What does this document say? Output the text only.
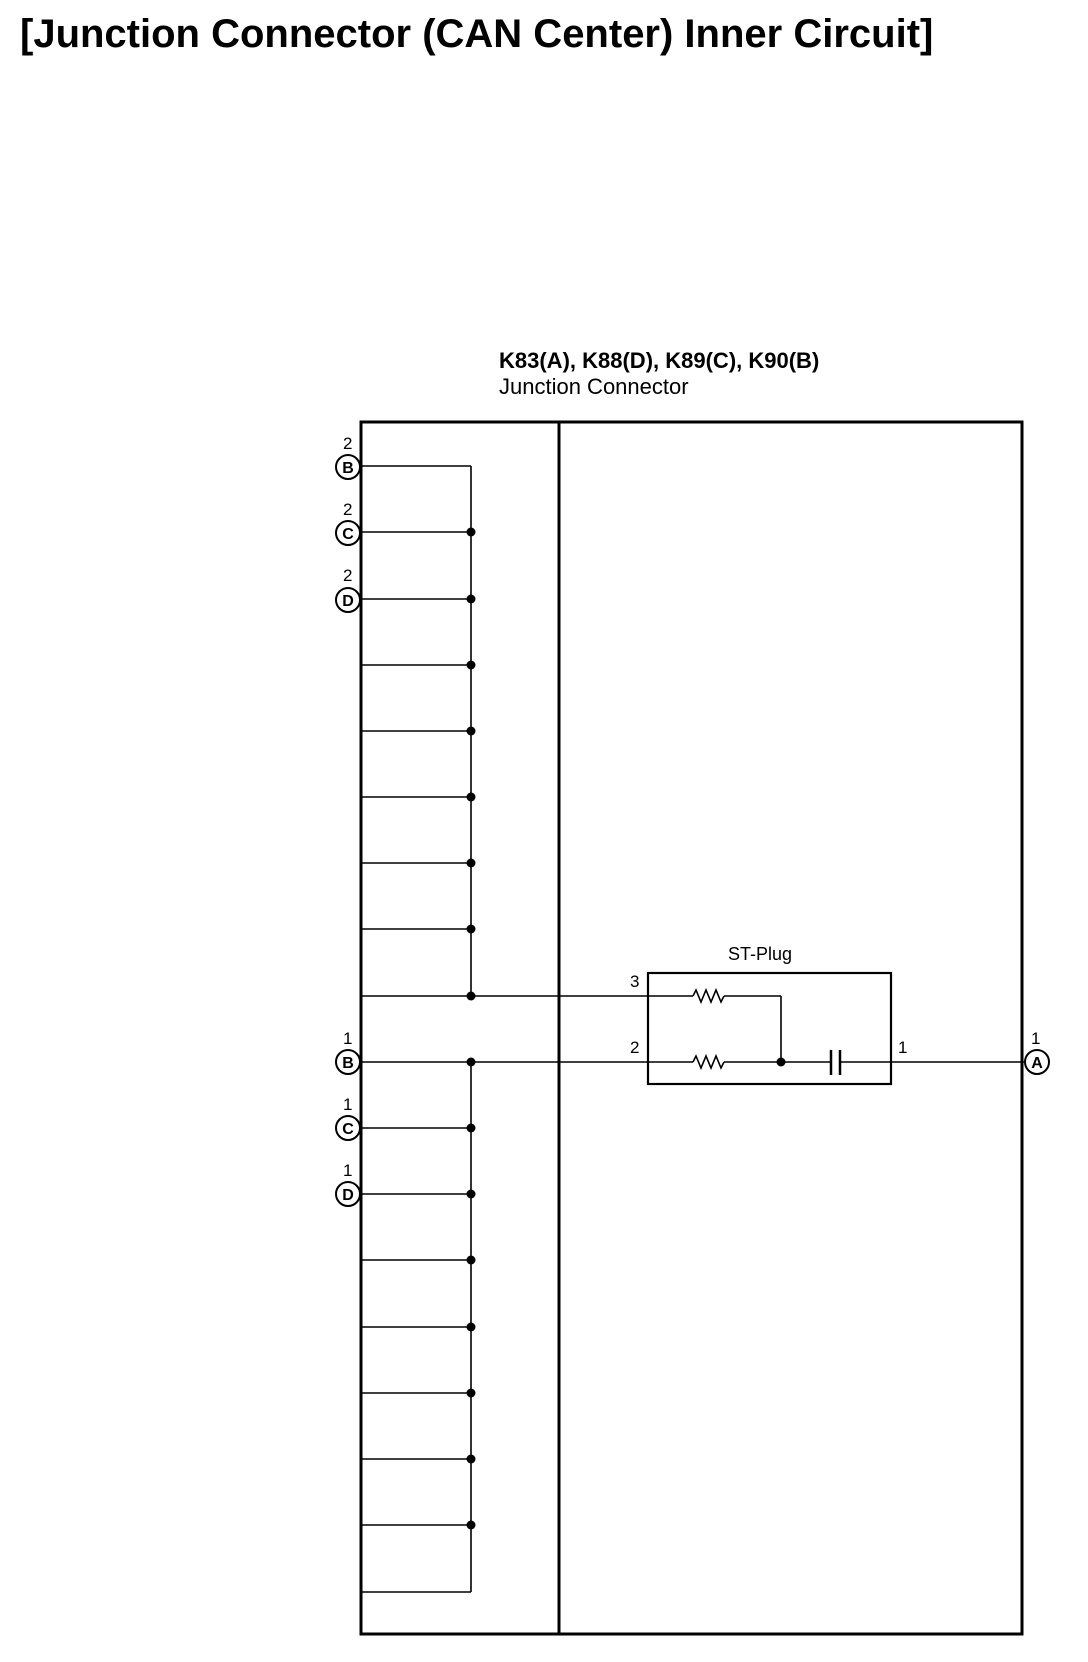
[Junction Connector (CAN Center) Inner Circuit]
K83(A), K88(D), K89(C), K90(B)
Junction Connector
ST-Plug
3
2	1
2
B
2
C
2
D
1
B
1
C
1
D
1
A
